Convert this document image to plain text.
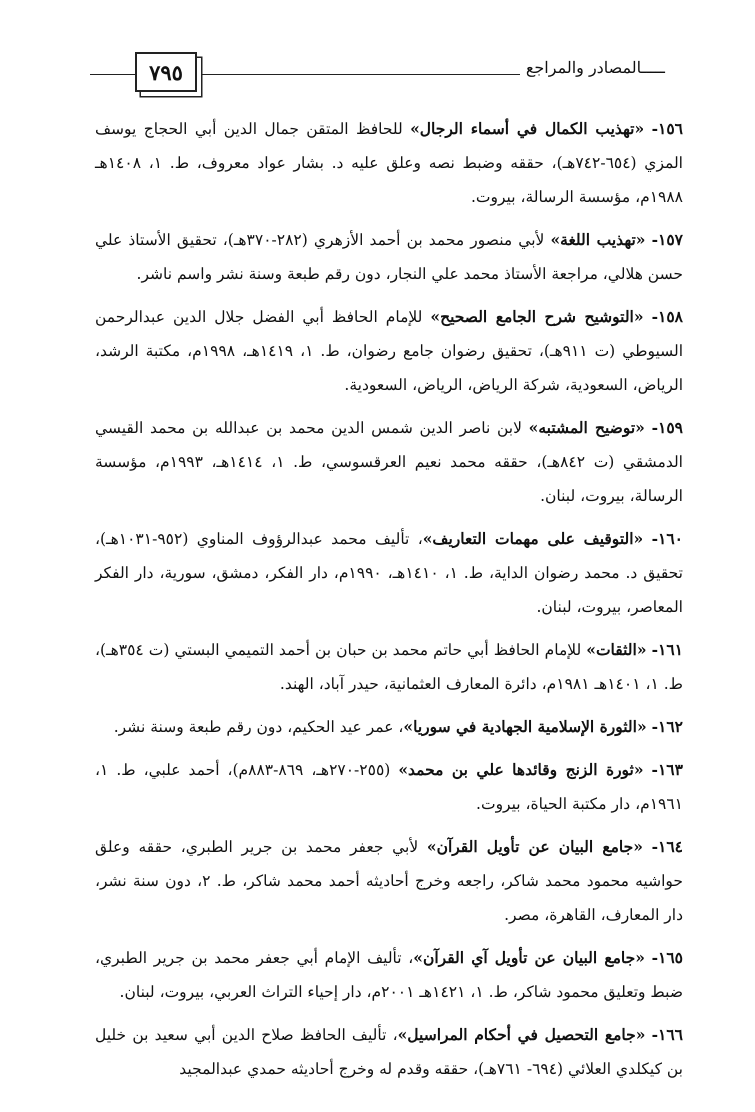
٧٩٥	ـــــالمصادر والمراجع

١٥٦- «تهذيب الكمال في أسماء الرجال» للحافظ المتقن جمال الدين أبي الحجاج يوسف المزي (٦٥٤-٧٤٢هـ)، حققه وضبط نصه وعلق عليه د. بشار عواد معروف، ط. ١، ١٤٠٨هـ ١٩٨٨م، مؤسسة الرسالة، بيروت.

١٥٧- «تهذيب اللغة» لأبي منصور محمد بن أحمد الأزهري (٢٨٢-٣٧٠هـ)، تحقيق الأستاذ علي حسن هلالي، مراجعة الأستاذ محمد علي النجار، دون رقم طبعة وسنة نشر واسم ناشر.

١٥٨- «التوشيح شرح الجامع الصحيح» للإمام الحافظ أبي الفضل جلال الدين عبدالرحمن السيوطي (ت ٩١١هـ)، تحقيق رضوان جامع رضوان، ط. ١، ١٤١٩هـ، ١٩٩٨م، مكتبة الرشد، الرياض، السعودية، شركة الرياض، الرياض، السعودية.

١٥٩- «توضيح المشتبه» لابن ناصر الدين شمس الدين محمد بن عبدالله بن محمد القيسي الدمشقي (ت ٨٤٢هـ)، حققه محمد نعيم العرقسوسي، ط. ١، ١٤١٤هـ، ١٩٩٣م، مؤسسة الرسالة، بيروت، لبنان.

١٦٠- «التوقيف على مهمات التعاريف»، تأليف محمد عبدالرؤوف المناوي (٩٥٢-١٠٣١هـ)، تحقيق د. محمد رضوان الداية، ط. ١، ١٤١٠هـ، ١٩٩٠م، دار الفكر، دمشق، سورية، دار الفكر المعاصر، بيروت، لبنان.

١٦١- «الثقات» للإمام الحافظ أبي حاتم محمد بن حبان بن أحمد التميمي البستي (ت ٣٥٤هـ)، ط. ١، ١٤٠١هـ ١٩٨١م، دائرة المعارف العثمانية، حيدر آباد، الهند.

١٦٢- «الثورة الإسلامية الجهادية في سوريا»، عمر عيد الحكيم، دون رقم طبعة وسنة نشر.

١٦٣- «ثورة الزنج وقائدها علي بن محمد» (٢٥٥-٢٧٠هـ، ٨٦٩-٨٨٣م)، أحمد علبي، ط. ١، ١٩٦١م، دار مكتبة الحياة، بيروت.

١٦٤- «جامع البيان عن تأويل القرآن» لأبي جعفر محمد بن جرير الطبري، حققه وعلق حواشيه محمود محمد شاكر، راجعه وخرج أحاديثه أحمد محمد شاكر، ط. ٢، دون سنة نشر، دار المعارف، القاهرة، مصر.

١٦٥- «جامع البيان عن تأويل آي القرآن»، تأليف الإمام أبي جعفر محمد بن جرير الطبري، ضبط وتعليق محمود شاكر، ط. ١، ١٤٢١هـ ٢٠٠١م، دار إحياء التراث العربي، بيروت، لبنان.

١٦٦- «جامع التحصيل في أحكام المراسيل»، تأليف الحافظ صلاح الدين أبي سعيد بن خليل بن كيكلدي العلائي (٦٩٤- ٧٦١هـ)، حققه وقدم له وخرج أحاديثه حمدي عبدالمجيد
